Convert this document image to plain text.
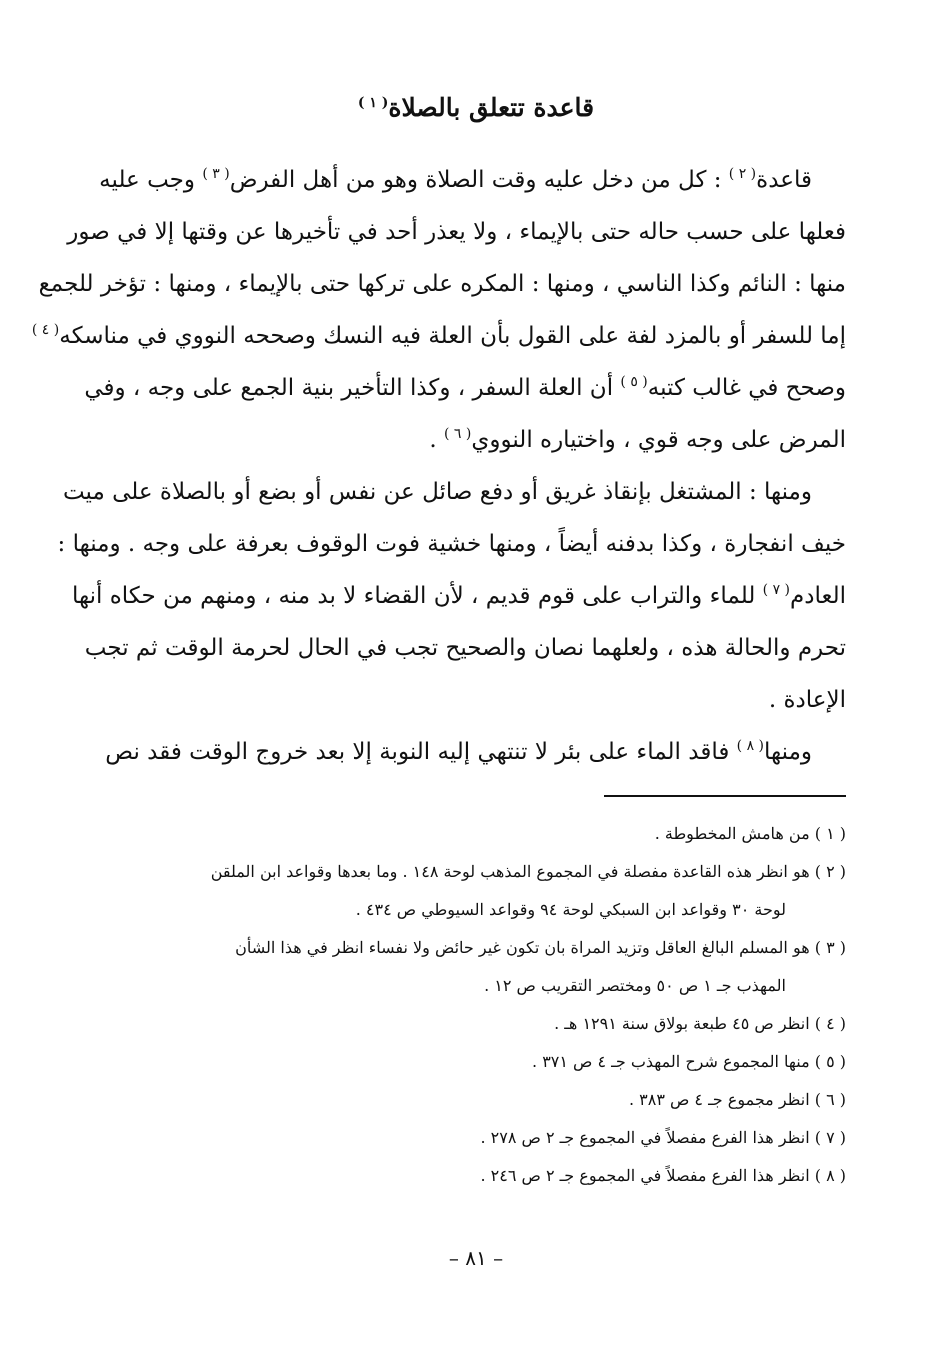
قاعدة تتعلق بالصلاة$^{( ١ )}$

قاعدة$^{( ٢ )}$ : كل من دخل عليه وقت الصلاة وهو من أهل الفرض$^{( ٣ )}$ وجب عليه
فعلها على حسب حاله حتى بالإيماء ، ولا يعذر أحد في تأخيرها عن وقتها إلا في صور
منها : النائم وكذا الناسي ، ومنها : المكره على تركها حتى بالإيماء ، ومنها : تؤخر للجمع
إما للسفر أو بالمزد لفة على القول بأن العلة فيه النسك وصححه النووي في مناسكه$^{( ٤ )}$
وصحح في غالب كتبه$^{( ٥ )}$ أن العلة السفر ، وكذا التأخير بنية الجمع على وجه ، وفي
المرض على وجه قوي ، واختياره النووي$^{( ٦ )}$ .

ومنها : المشتغل بإنقاذ غريق أو دفع صائل عن نفس أو بضع أو بالصلاة على ميت
خيف انفجارة ، وكذا بدفنه أيضاً ، ومنها خشية فوت الوقوف بعرفة على وجه . ومنها :
العادم$^{( ٧ )}$ للماء والتراب على قوم قديم ، لأن القضاء لا بد منه ، ومنهم من حكاه أنها
تحرم والحالة هذه ، ولعلهما نصان والصحيح تجب في الحال لحرمة الوقت ثم تجب
الإعادة .

ومنها$^{( ٨ )}$ فاقد الماء على بئر لا تنتهي إليه النوبة إلا بعد خروج الوقت فقد نص

( ١ ) من هامش المخطوطة .
( ٢ ) هو انظر هذه القاعدة مفصلة في المجموع المذهب لوحة ١٤٨ . وما بعدها وقواعد ابن الملقن
لوحة ٣٠ وقواعد ابن السبكي لوحة ٩٤ وقواعد السيوطي ص ٤٣٤ .
( ٣ ) هو المسلم البالغ العاقل وتزيد المراة بان تكون غير حائض ولا نفساء انظر في هذا الشأن
المهذب جـ ١ ص ٥٠ ومختصر التقريب ص ١٢ .
( ٤ ) انظر ص ٤٥ طبعة بولاق سنة ١٢٩١ هـ .
( ٥ ) منها المجموع شرح المهذب جـ ٤ ص ٣٧١ .
( ٦ ) انظر مجموع جـ ٤ ص ٣٨٣ .
( ٧ ) انظر هذا الفرع مفصلاً في المجموع جـ ٢ ص ٢٧٨ .
( ٨ ) انظر هذا الفرع مفصلاً في المجموع جـ ٢ ص ٢٤٦ .
– ٨١ –
